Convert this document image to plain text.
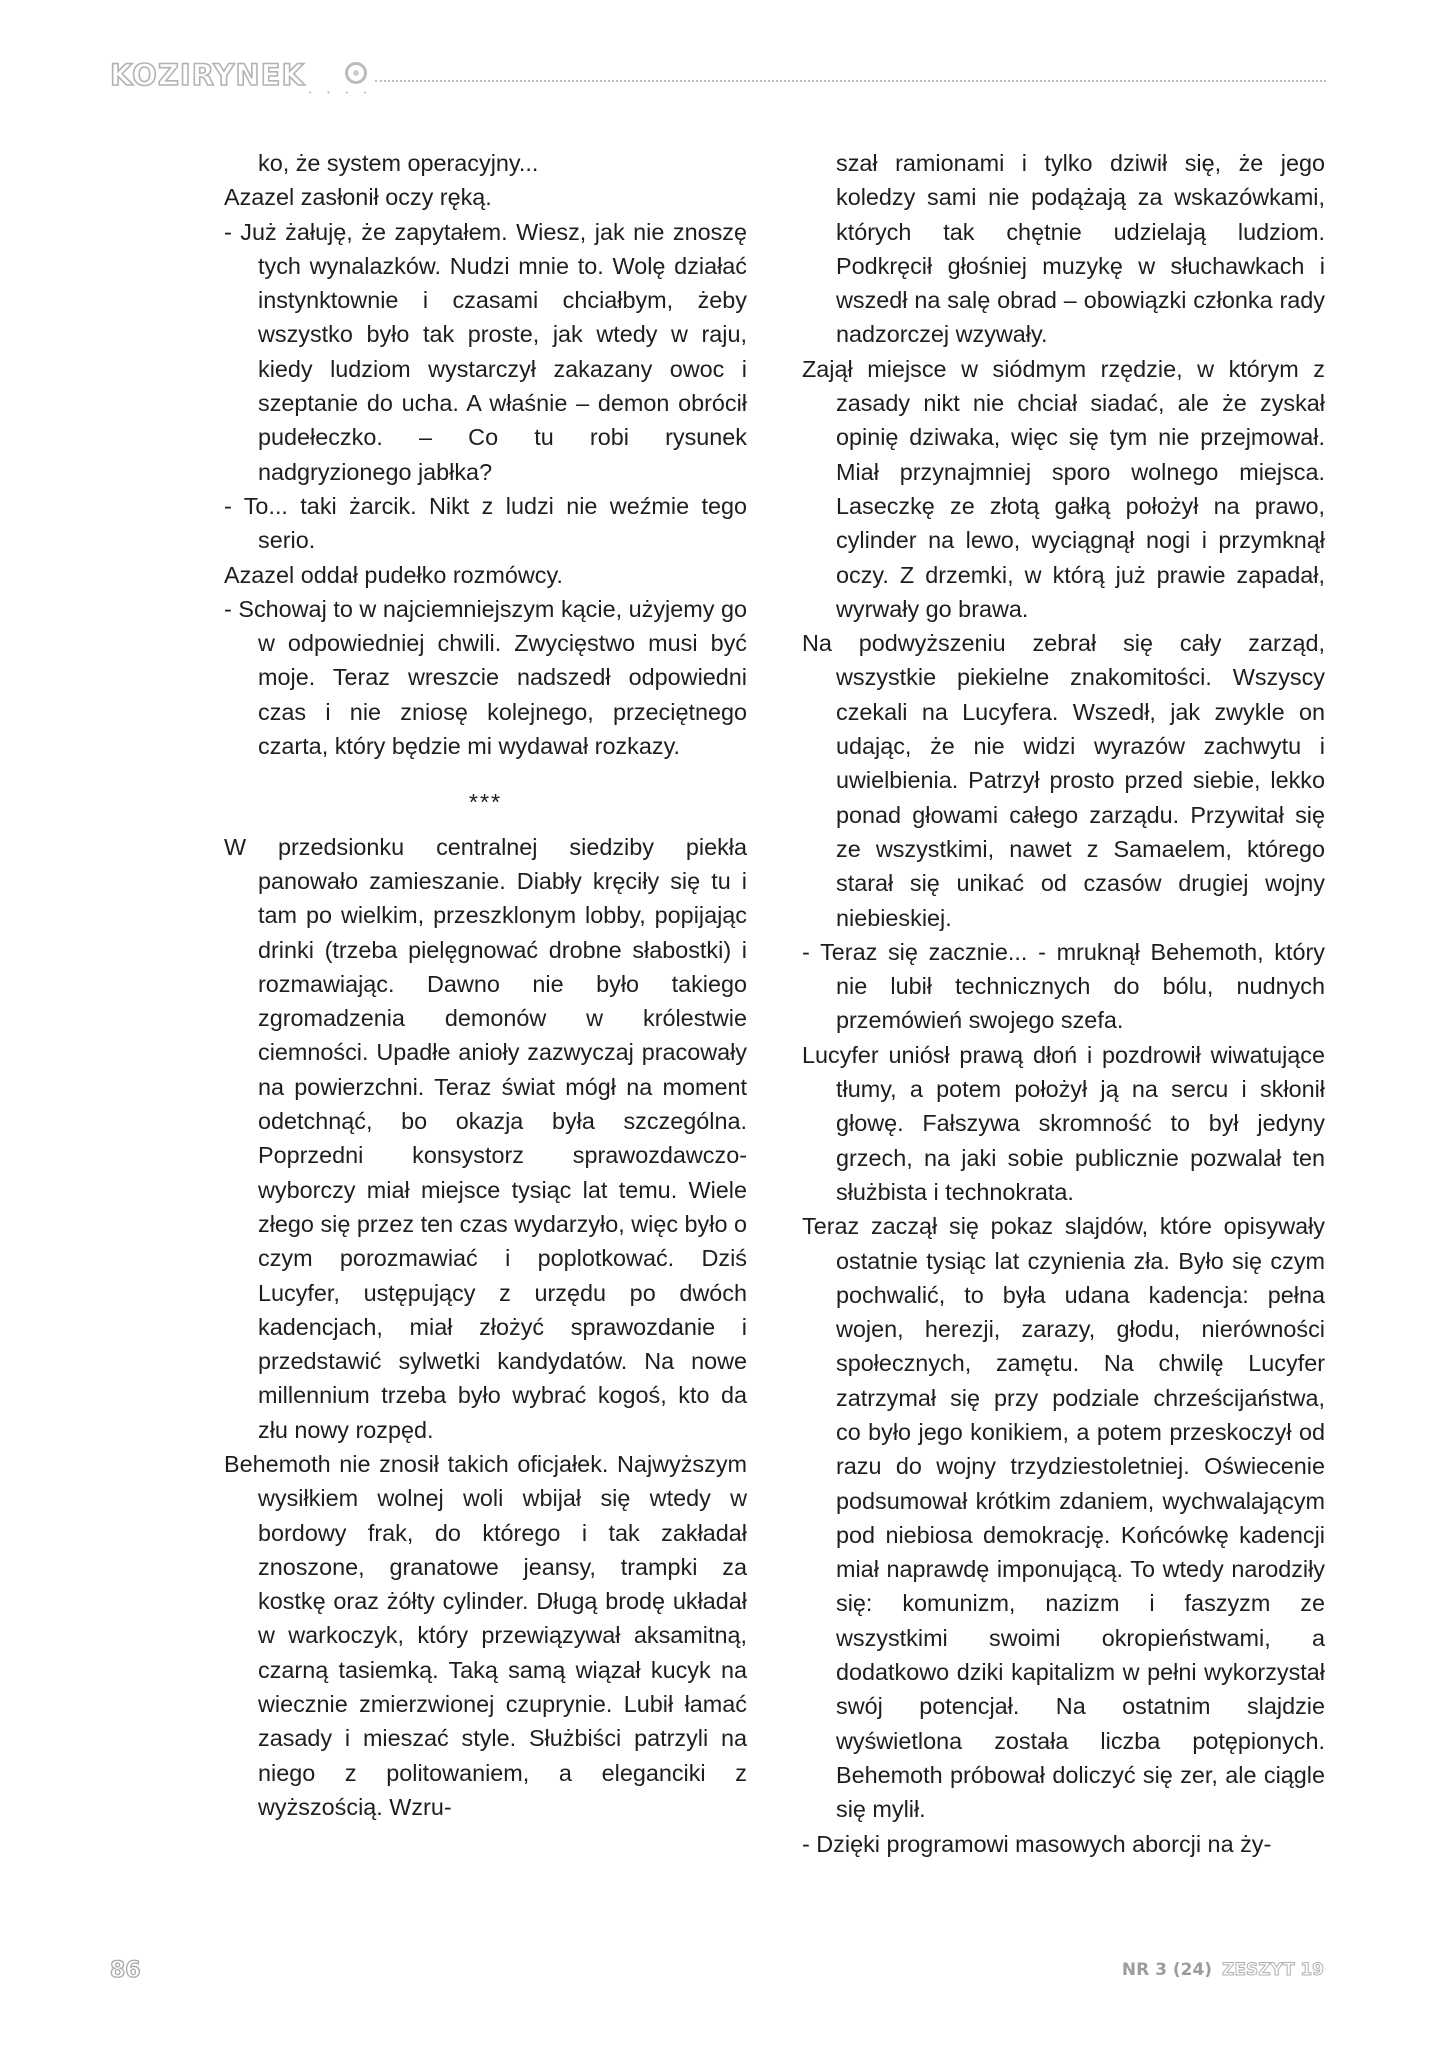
KOZIRYNEK
• • • •

ko, że system operacyjny...

Azazel zasłonił oczy ręką.

- Już żałuję, że zapytałem. Wiesz, jak nie znoszę tych wynalazków. Nudzi mnie to. Wolę działać instynktownie i czasami chciałbym, żeby wszystko było tak proste, jak wtedy w raju, kiedy ludziom wystarczył zakazany owoc i szeptanie do ucha. A właśnie – demon obrócił pudełeczko. – Co tu robi rysunek nadgryzionego jabłka?

- To... taki żarcik. Nikt z ludzi nie weźmie tego serio.

Azazel oddał pudełko rozmówcy.

- Schowaj to w najciemniejszym kącie, użyjemy go w odpowiedniej chwili. Zwycięstwo musi być moje. Teraz wreszcie nadszedł odpowiedni czas i nie zniosę kolejnego, przeciętnego czarta, który będzie mi wydawał rozkazy.

***

W przedsionku centralnej siedziby piekła panowało zamieszanie. Diabły kręciły się tu i tam po wielkim, przeszklonym lobby, popijając drinki (trzeba pielęgnować drobne słabostki) i rozmawiając. Dawno nie było takiego zgromadzenia demonów w królestwie ciemności. Upadłe anioły zazwyczaj pracowały na powierzchni. Teraz świat mógł na moment odetchnąć, bo okazja była szczególna. Poprzedni konsystorz sprawozdawczo-wyborczy miał miejsce tysiąc lat temu. Wiele złego się przez ten czas wydarzyło, więc było o czym porozmawiać i poplotkować. Dziś Lucyfer, ustępujący z urzędu po dwóch kadencjach, miał złożyć sprawozdanie i przedstawić sylwetki kandydatów. Na nowe millennium trzeba było wybrać kogoś, kto da złu nowy rozpęd.

Behemoth nie znosił takich oficjałek. Najwyższym wysiłkiem wolnej woli wbijał się wtedy w bordowy frak, do którego i tak zakładał znoszone, granatowe jeansy, trampki za kostkę oraz żółty cylinder. Długą brodę układał w warkoczyk, który przewiązywał aksamitną, czarną tasiemką. Taką samą wiązał kucyk na wiecznie zmierzwionej czuprynie. Lubił łamać zasady i mieszać style. Służbiści patrzyli na niego z politowaniem, a eleganciki z wyższością. Wzru-

szał ramionami i tylko dziwił się, że jego koledzy sami nie podążają za wskazówkami, których tak chętnie udzielają ludziom. Podkręcił głośniej muzykę w słuchawkach i wszedł na salę obrad – obowiązki członka rady nadzorczej wzywały.

Zajął miejsce w siódmym rzędzie, w którym z zasady nikt nie chciał siadać, ale że zyskał opinię dziwaka, więc się tym nie przejmował. Miał przynajmniej sporo wolnego miejsca. Laseczkę ze złotą gałką położył na prawo, cylinder na lewo, wyciągnął nogi i przymknął oczy. Z drzemki, w którą już prawie zapadał, wyrwały go brawa.

Na podwyższeniu zebrał się cały zarząd, wszystkie piekielne znakomitości. Wszyscy czekali na Lucyfera. Wszedł, jak zwykle on udając, że nie widzi wyrazów zachwytu i uwielbienia. Patrzył prosto przed siebie, lekko ponad głowami całego zarządu. Przywitał się ze wszystkimi, nawet z Samaelem, którego starał się unikać od czasów drugiej wojny niebieskiej.

- Teraz się zacznie... - mruknął Behemoth, który nie lubił technicznych do bólu, nudnych przemówień swojego szefa.

Lucyfer uniósł prawą dłoń i pozdrowił wiwatujące tłumy, a potem położył ją na sercu i skłonił głowę. Fałszywa skromność to był jedyny grzech, na jaki sobie publicznie pozwalał ten służbista i technokrata.

Teraz zaczął się pokaz slajdów, które opisywały ostatnie tysiąc lat czynienia zła. Było się czym pochwalić, to była udana kadencja: pełna wojen, herezji, zarazy, głodu, nierówności społecznych, zamętu. Na chwilę Lucyfer zatrzymał się przy podziale chrześcijaństwa, co było jego konikiem, a potem przeskoczył od razu do wojny trzydziestoletniej. Oświecenie podsumował krótkim zdaniem, wychwalającym pod niebiosa demokrację. Końcówkę kadencji miał naprawdę imponującą. To wtedy narodziły się: komunizm, nazizm i faszyzm ze wszystkimi swoimi okropieństwami, a dodatkowo dziki kapitalizm w pełni wykorzystał swój potencjał. Na ostatnim slajdzie wyświetlona została liczba potępionych. Behemoth próbował doliczyć się zer, ale ciągle się mylił.

- Dzięki programowi masowych aborcji na ży-

86	NR 3 (24) ZESZYT 19
